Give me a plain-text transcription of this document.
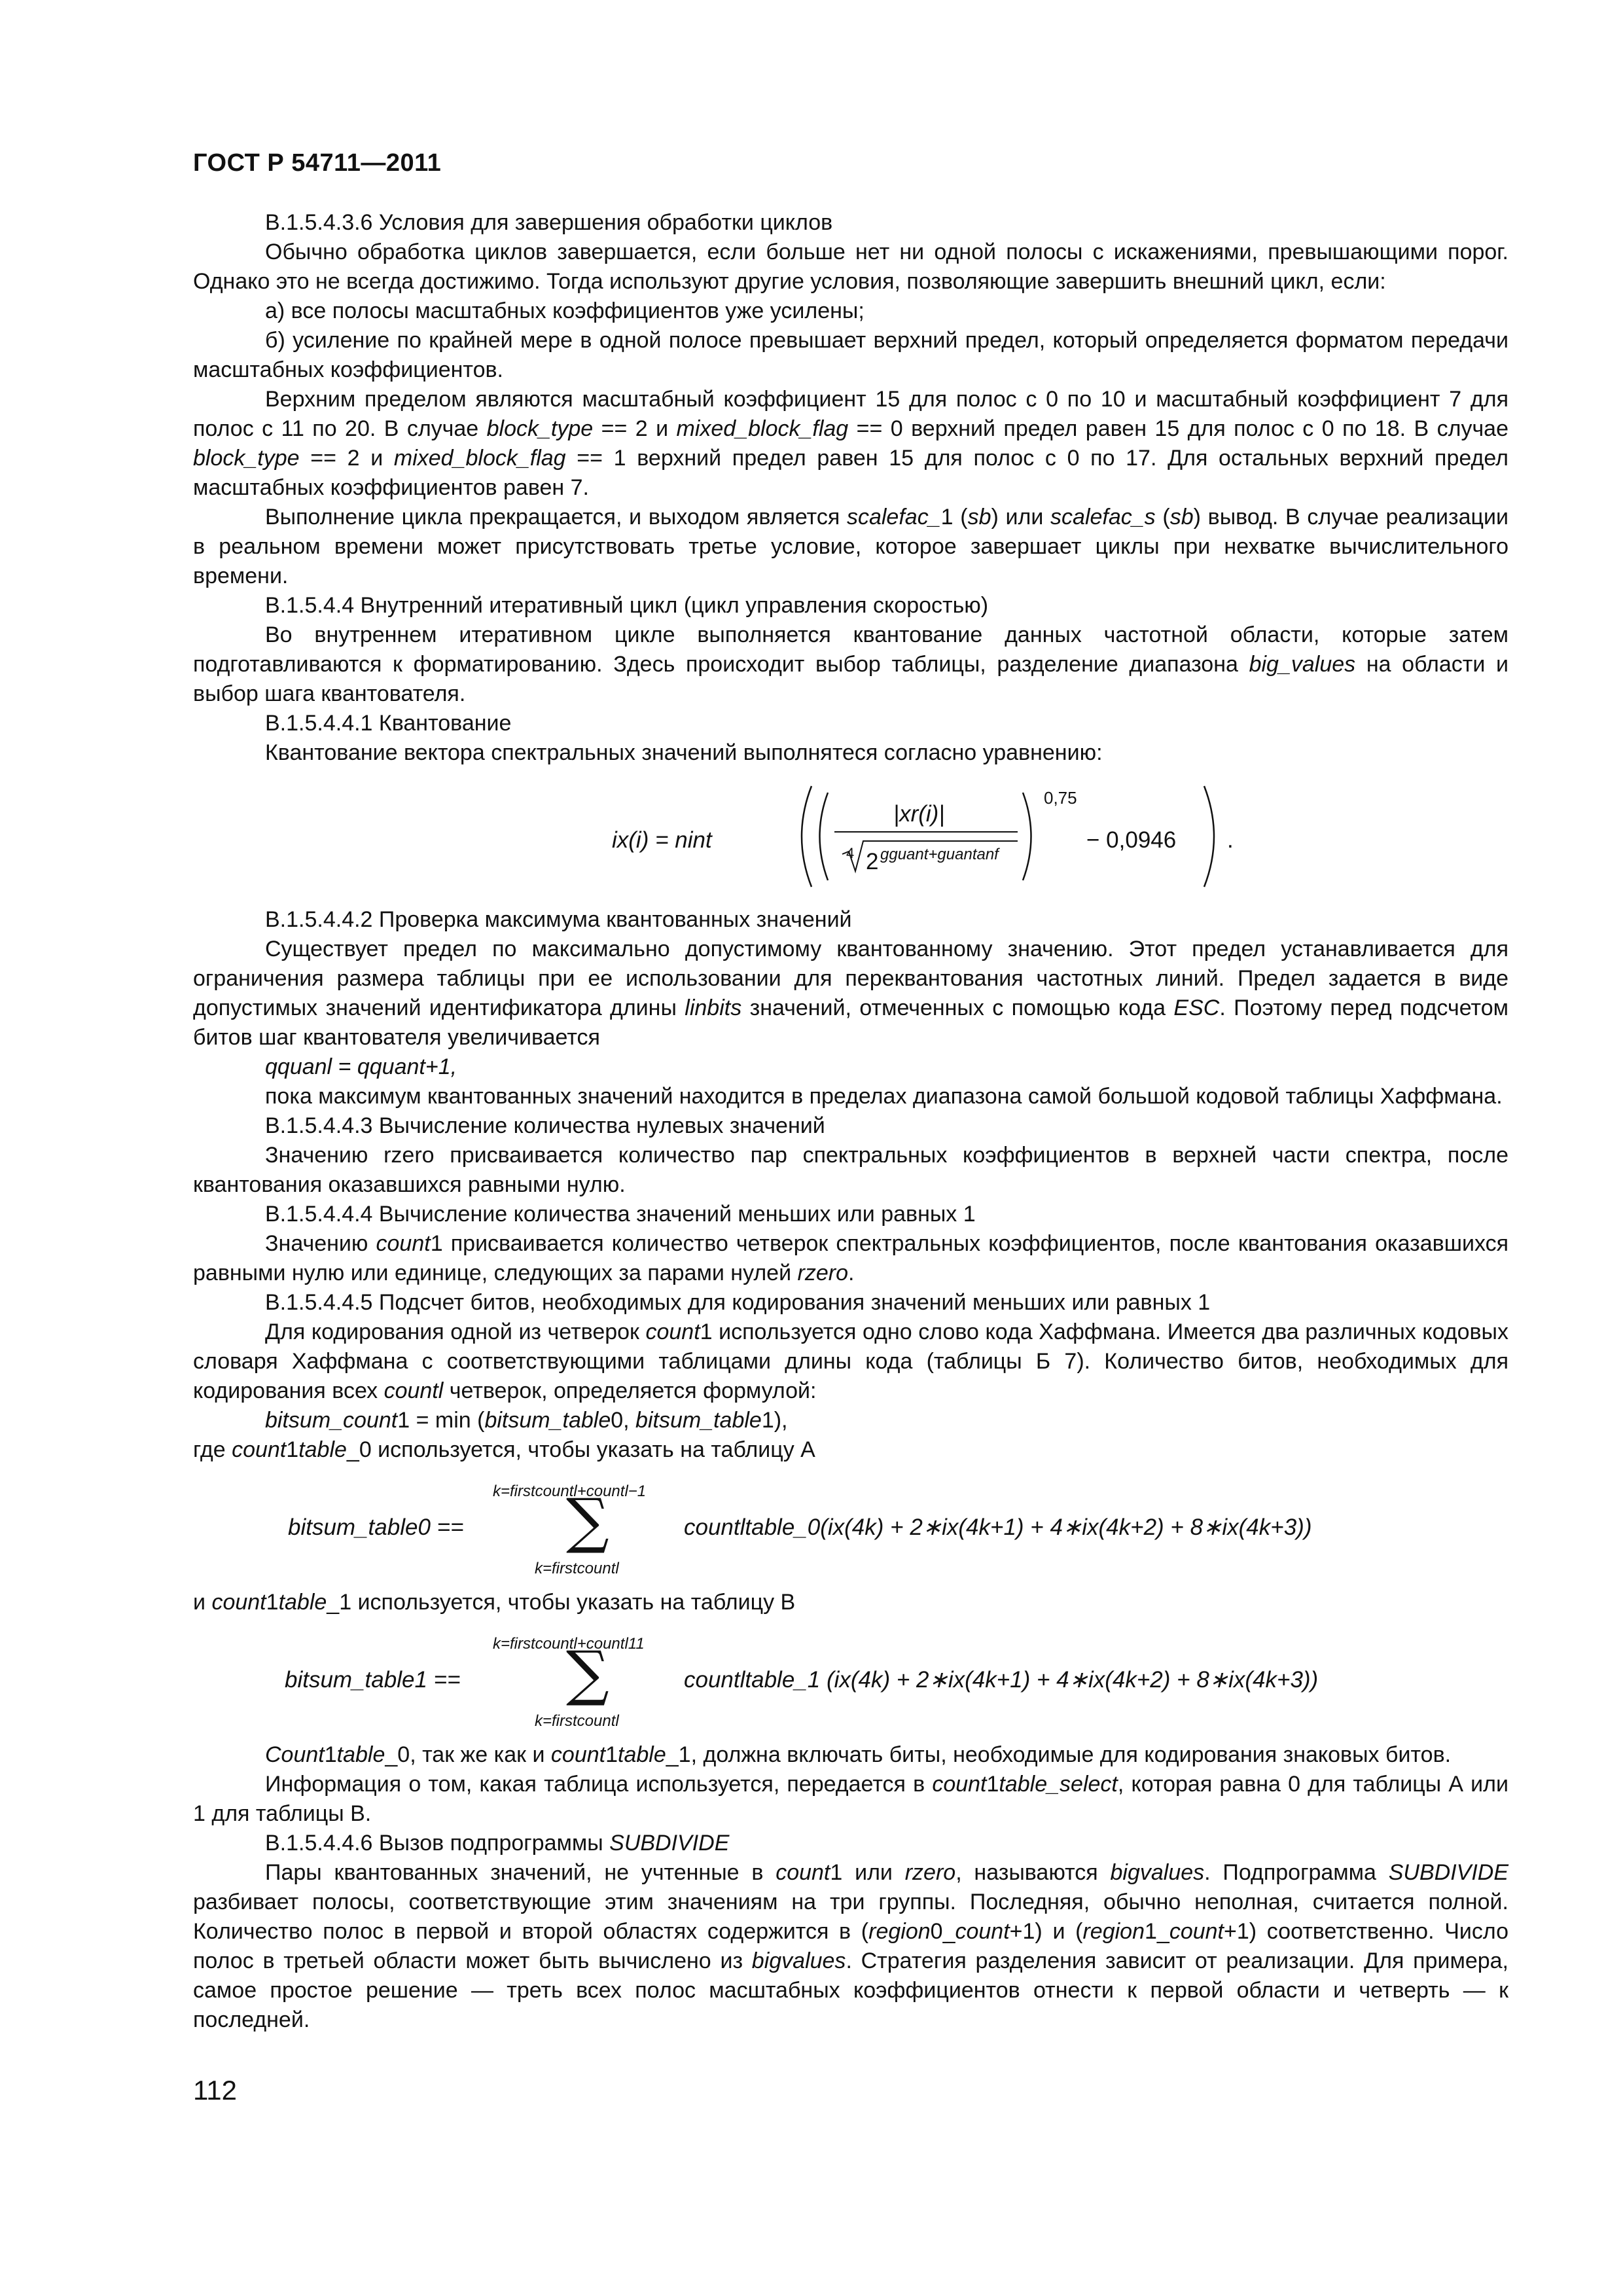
ГОСТ Р 54711—2011

В.1.5.4.3.6 Условия для завершения обработки циклов

Обычно обработка циклов завершается, если больше нет ни одной полосы с искажениями, превышающими порог. Однако это не всегда достижимо. Тогда используют другие условия, позволяющие завершить внешний цикл, если:

а) все полосы масштабных коэффициентов уже усилены;

б) усиление по крайней мере в одной полосе превышает верхний предел, который определяется форматом передачи масштабных коэффициентов.

Верхним пределом являются масштабный коэффициент 15 для полос с 0 по 10 и масштабный коэффициент 7 для полос с 11 по 20. В случае block_type == 2 и mixed_block_flag == 0 верхний предел равен 15 для полос с 0 по 18. В случае block_type == 2 и mixed_block_flag == 1 верхний предел равен 15 для полос с 0 по 17. Для остальных верхний предел масштабных коэффициентов равен 7.

Выполнение цикла прекращается, и выходом является scalefac_1 (sb) или scalefac_s (sb) вывод. В случае реализации в реальном времени может присутствовать третье условие, которое завершает циклы при нехватке вычислительного времени.

В.1.5.4.4 Внутренний итеративный цикл (цикл управления скоростью)

Во внутреннем итеративном цикле выполняется квантование данных частотной области, которые затем подготавливаются к форматированию. Здесь происходит выбор таблицы, разделение диапазона big_values на области и выбор шага квантователя.

В.1.5.4.4.1 Квантование

Квантование вектора спектральных значений выполнятеся согласно уравнению:

ix(i) = nint
|xr(i)|
4 2 gguant+guantanf
0,75
− 0,0946 .

В.1.5.4.4.2 Проверка максимума квантованных значений

Существует предел по максимально допустимому квантованному значению. Этот предел устанавливается для ограничения размера таблицы при ее использовании для переквантования частотных линий. Предел задается в виде допустимых значений идентификатора длины linbits значений, отмеченных с помощью кода ESC. Поэтому перед подсчетом битов шаг квантователя увеличивается

qquanl = qquant+1,

пока максимум квантованных значений находится в пределах диапазона самой большой кодовой таблицы Хаффмана.

В.1.5.4.4.3 Вычисление количества нулевых значений

Значению rzero присваивается количество пар спектральных коэффициентов в верхней части спектра, после квантования оказавшихся равными нулю.

В.1.5.4.4.4 Вычисление количества значений меньших или равных 1

Значению count1 присваивается количество четверок спектральных коэффициентов, после квантования оказавшихся равными нулю или единице, следующих за парами нулей rzero.

В.1.5.4.4.5 Подсчет битов, необходимых для кодирования значений меньших или равных 1

Для кодирования одной из четверок count1 используется одно слово кода Хаффмана. Имеется два различных кодовых словаря Хаффмана с соответствующими таблицами длины кода (таблицы Б 7). Количество битов, необходимых для кодирования всех countl четверок, определяется формулой:

bitsum_count1 = min (bitsum_table0, bitsum_table1),

где count1table_0 используется, чтобы указать на таблицу А

bitsum_table0 ==
k=firstcountl+countl−1
∑
k=firstcountl
countltable_0(ix(4k) + 2∗ix(4k+1) + 4∗ix(4k+2) + 8∗ix(4k+3))

и count1table_1 используется, чтобы указать на таблицу В

bitsum_table1 ==
k=firstcountl+countl11
∑
k=firstcountl
countltable_1 (ix(4k) + 2∗ix(4k+1) + 4∗ix(4k+2) + 8∗ix(4k+3))

Count1table_0, так же как и count1table_1, должна включать биты, необходимые для кодирования знаковых битов.

Информация о том, какая таблица используется, передается в count1table_select, которая равна 0 для таблицы А или 1 для таблицы В.

В.1.5.4.4.6 Вызов подпрограммы SUBDIVIDE

Пары квантованных значений, не учтенные в count1 или rzero, называются bigvalues. Подпрограмма SUBDIVIDE разбивает полосы, соответствующие этим значениям на три группы. Последняя, обычно неполная, считается полной. Количество полос в первой и второй областях содержится в (region0_count+1) и (region1_count+1) соответственно. Число полос в третьей области может быть вычислено из bigvalues. Стратегия разделения зависит от реализации. Для примера, самое простое решение — треть всех полос масштабных коэффициентов отнести к первой области и четверть — к последней.

112
